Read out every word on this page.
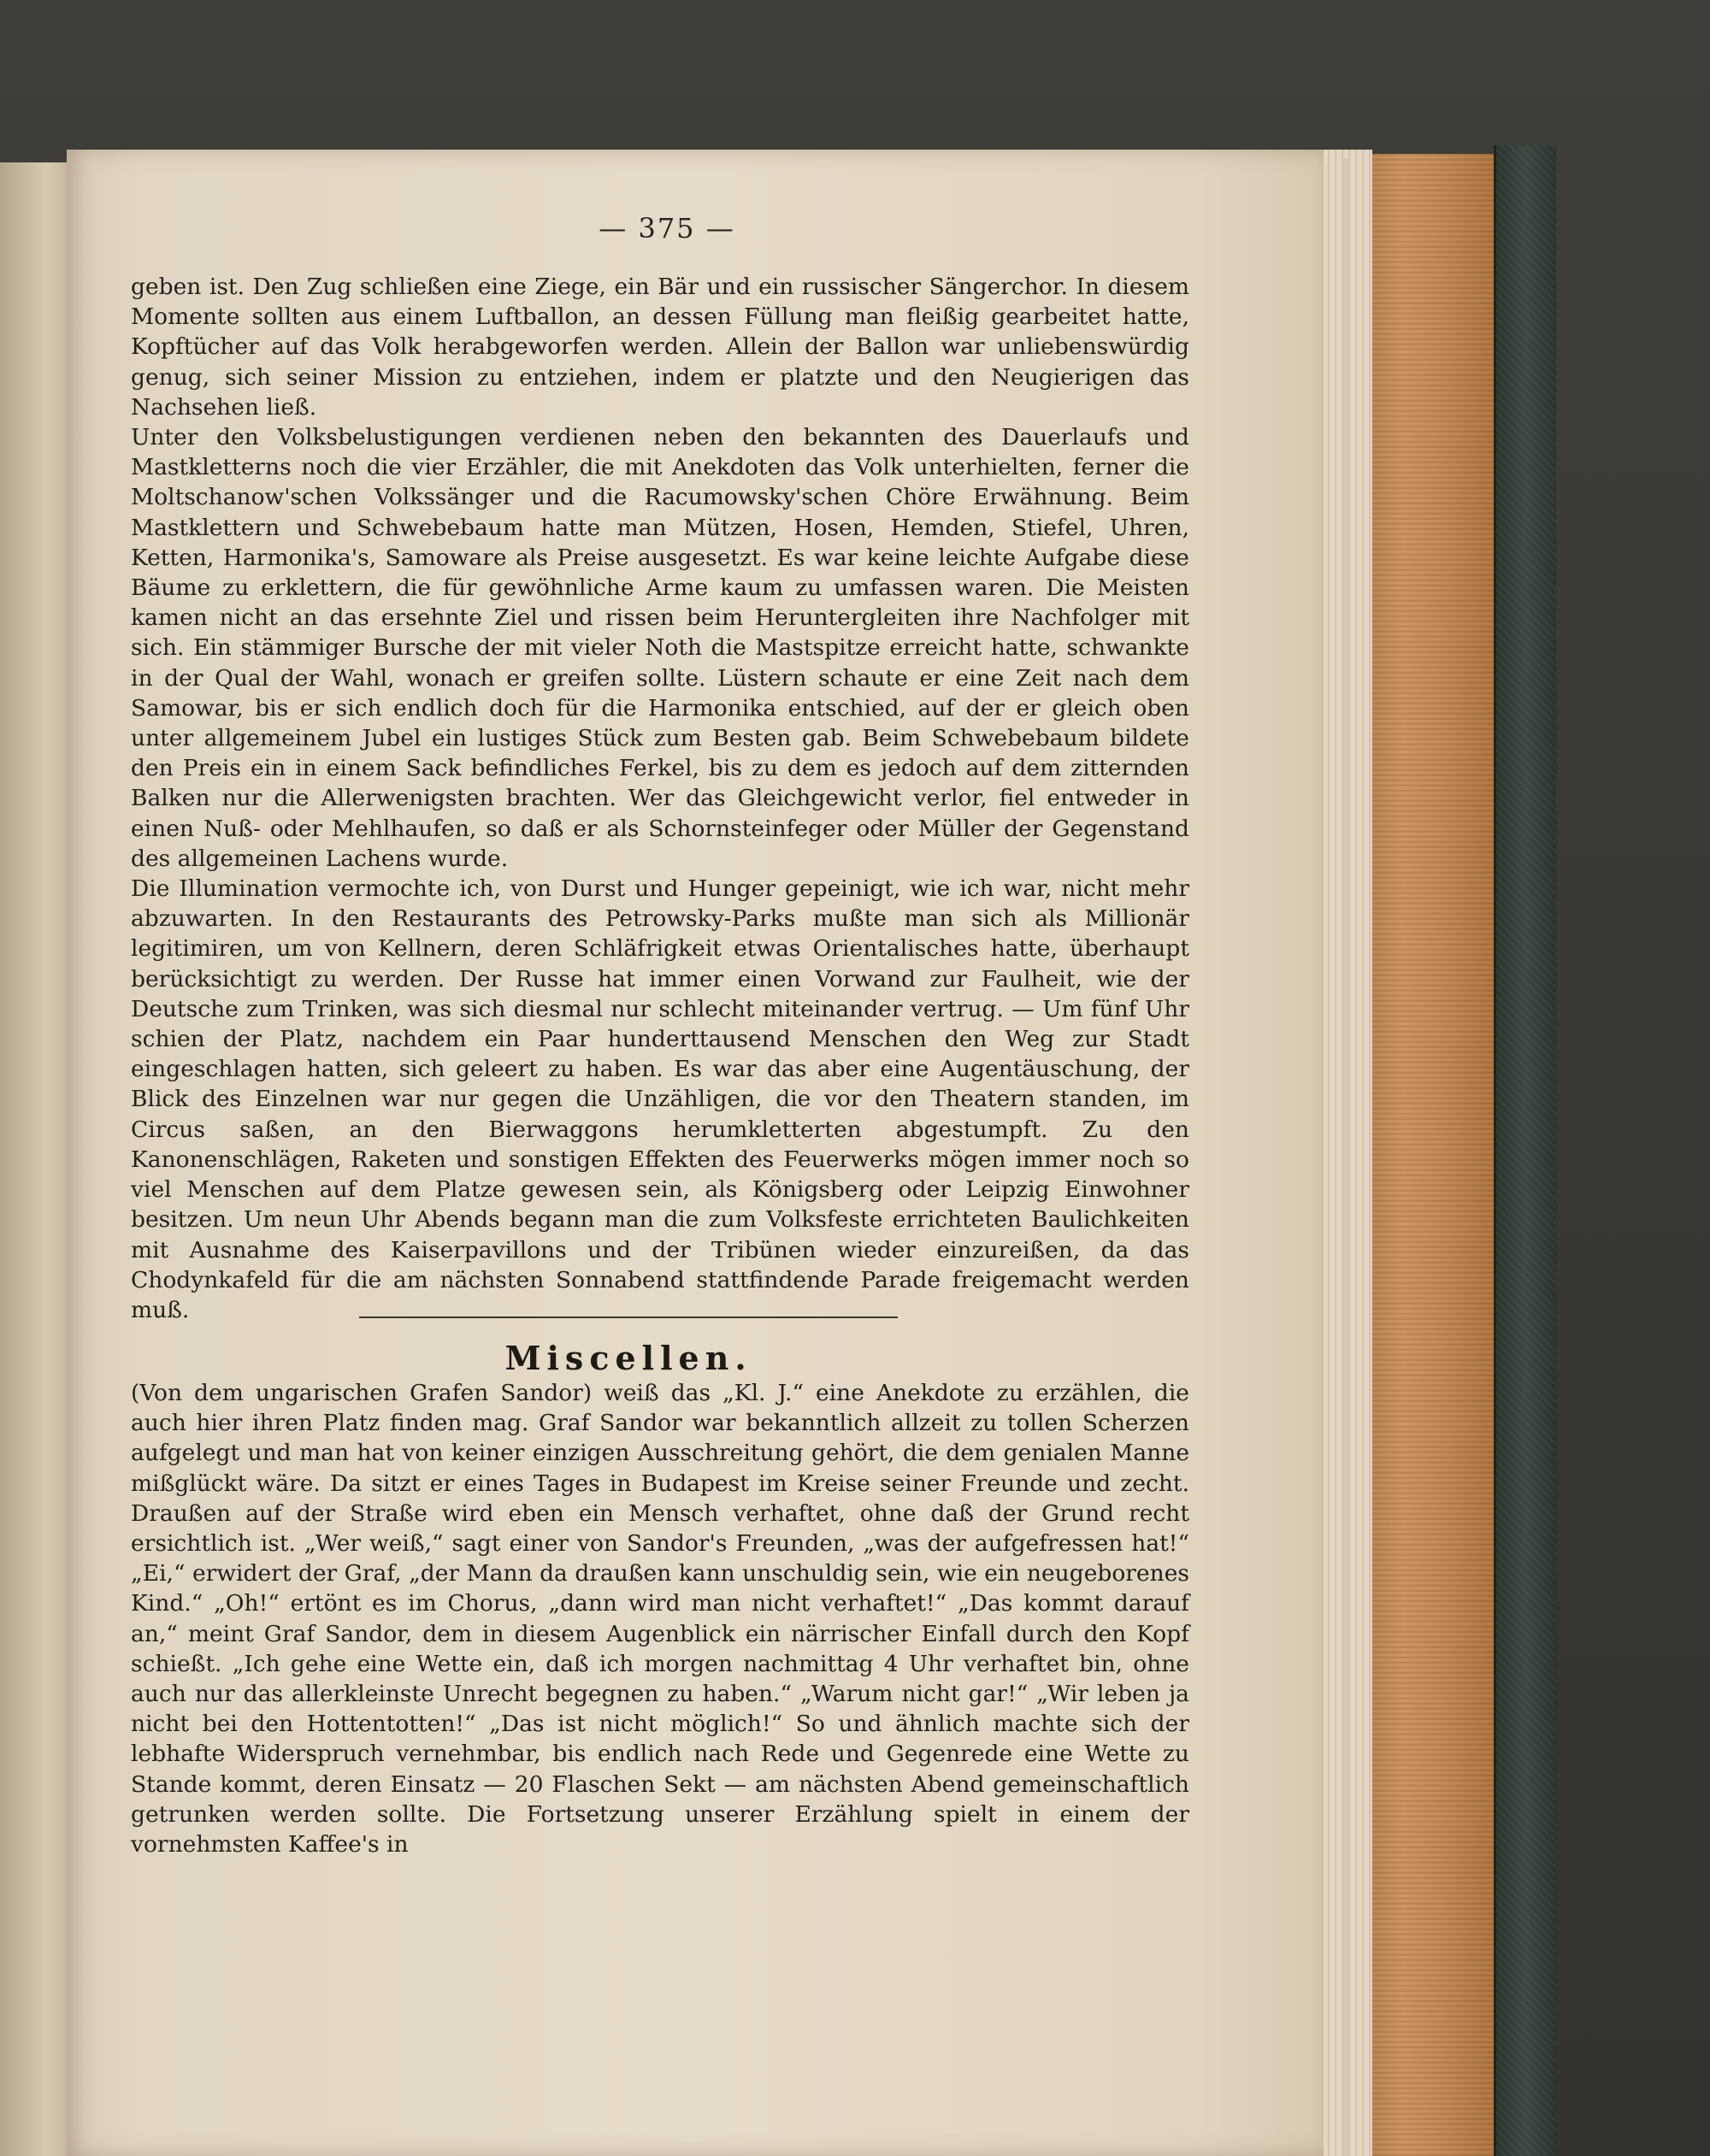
— 375 —

geben ist. Den Zug schließen eine Ziege, ein Bär und ein russischer Sängerchor. In diesem Momente sollten aus einem Luftballon, an dessen Füllung man fleißig gearbeitet hatte, Kopftücher auf das Volk herabgeworfen werden. Allein der Ballon war unliebenswürdig genug, sich seiner Mission zu entziehen, indem er platzte und den Neugierigen das Nachsehen ließ.

Unter den Volksbelustigungen verdienen neben den bekannten des Dauerlaufs und Mastkletterns noch die vier Erzähler, die mit Anekdoten das Volk unterhielten, ferner die Moltschanow'schen Volkssänger und die Racumowsky'schen Chöre Erwähnung. Beim Mastklettern und Schwebebaum hatte man Mützen, Hosen, Hemden, Stiefel, Uhren, Ketten, Harmonika's, Samoware als Preise ausgesetzt. Es war keine leichte Aufgabe diese Bäume zu erklettern, die für gewöhnliche Arme kaum zu umfassen waren. Die Meisten kamen nicht an das ersehnte Ziel und rissen beim Heruntergleiten ihre Nachfolger mit sich. Ein stämmiger Bursche der mit vieler Noth die Mastspitze erreicht hatte, schwankte in der Qual der Wahl, wonach er greifen sollte. Lüstern schaute er eine Zeit nach dem Samowar, bis er sich endlich doch für die Harmonika entschied, auf der er gleich oben unter allgemeinem Jubel ein lustiges Stück zum Besten gab. Beim Schwebebaum bildete den Preis ein in einem Sack befindliches Ferkel, bis zu dem es jedoch auf dem zitternden Balken nur die Allerwenigsten brachten. Wer das Gleichgewicht verlor, fiel entweder in einen Nuß- oder Mehlhaufen, so daß er als Schornsteinfeger oder Müller der Gegenstand des allgemeinen Lachens wurde.

Die Illumination vermochte ich, von Durst und Hunger gepeinigt, wie ich war, nicht mehr abzuwarten. In den Restaurants des Petrowsky-Parks mußte man sich als Millionär legitimiren, um von Kellnern, deren Schläfrigkeit etwas Orientalisches hatte, überhaupt berücksichtigt zu werden. Der Russe hat immer einen Vorwand zur Faulheit, wie der Deutsche zum Trinken, was sich diesmal nur schlecht miteinander vertrug. — Um fünf Uhr schien der Platz, nachdem ein Paar hunderttausend Menschen den Weg zur Stadt eingeschlagen hatten, sich geleert zu haben. Es war das aber eine Augentäuschung, der Blick des Einzelnen war nur gegen die Unzähligen, die vor den Theatern standen, im Circus saßen, an den Bierwaggons herumkletterten abgestumpft. Zu den Kanonenschlägen, Raketen und sonstigen Effekten des Feuerwerks mögen immer noch so viel Menschen auf dem Platze gewesen sein, als Königsberg oder Leipzig Einwohner besitzen. Um neun Uhr Abends begann man die zum Volksfeste errichteten Baulichkeiten mit Ausnahme des Kaiserpavillons und der Tribünen wieder einzureißen, da das Chodynkafeld für die am nächsten Sonnabend stattfindende Parade freigemacht werden muß.

Miscellen.

(Von dem ungarischen Grafen Sandor) weiß das „Kl. J.“ eine Anekdote zu erzählen, die auch hier ihren Platz finden mag. Graf Sandor war bekanntlich allzeit zu tollen Scherzen aufgelegt und man hat von keiner einzigen Ausschreitung gehört, die dem genialen Manne mißglückt wäre. Da sitzt er eines Tages in Budapest im Kreise seiner Freunde und zecht. Draußen auf der Straße wird eben ein Mensch verhaftet, ohne daß der Grund recht ersichtlich ist. „Wer weiß,“ sagt einer von Sandor's Freunden, „was der aufgefressen hat!“ „Ei,“ erwidert der Graf, „der Mann da draußen kann unschuldig sein, wie ein neugeborenes Kind.“ „Oh!“ ertönt es im Chorus, „dann wird man nicht verhaftet!“ „Das kommt darauf an,“ meint Graf Sandor, dem in diesem Augenblick ein närrischer Einfall durch den Kopf schießt. „Ich gehe eine Wette ein, daß ich morgen nachmittag 4 Uhr verhaftet bin, ohne auch nur das allerkleinste Unrecht begegnen zu haben.“ „Warum nicht gar!“ „Wir leben ja nicht bei den Hottentotten!“ „Das ist nicht möglich!“ So und ähnlich machte sich der lebhafte Widerspruch vernehmbar, bis endlich nach Rede und Gegenrede eine Wette zu Stande kommt, deren Einsatz — 20 Flaschen Sekt — am nächsten Abend gemeinschaftlich getrunken werden sollte. Die Fortsetzung unserer Erzählung spielt in einem der vornehmsten Kaffee's in
